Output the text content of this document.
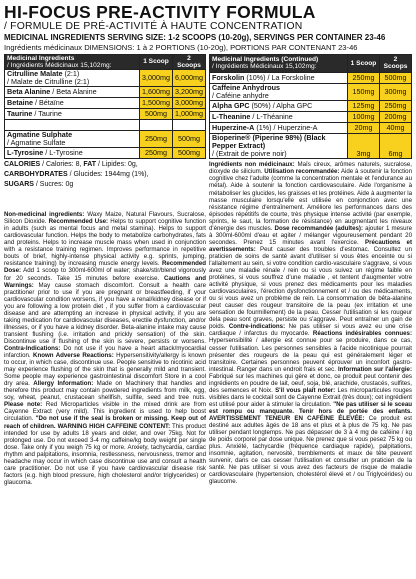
HI-FOCUS PRE-ACTIVITY FORMULA
/ FORMULE DE PRÉ-ACTIVITÉ À HAUTE CONCENTRATION
MEDICINAL INGREDIENTS SERVING SIZE: 1-2 SCOOPS (10-20g), SERVINGS PER CONTAINER 23-46
Ingrédients médicinaux DIMENSIONS: 1 à 2 PORTIONS (10-20g), PORTIONS PAR CONTENANT 23-46
Medicinal Ingredients
/ Ingrédients Médicinaux 15,102mg:	1 Scoop	2 Scoops
Citrulline Malate (2:1)
/ Malate de Citrulline (2:1)	3,000mg	6,000mg
Beta Alanine / Beta Alanine	1,600mg	3,200mg
Betaine / Bétaïne	1,500mg	3,000mg
Taurine / Taurine	500mg	1,000mg

Agmatine Sulphate
/ Agmatine Sulfate	250mg	500mg
L-Tyrosine / L-Tyrosine	250mg	500mg
Medicinal Ingredients (Continued)
/ Ingrédients Médicinaux 15,102mg:	1 Scoop	2 Scoops
Forskolin (10%) / La Forskoline	250mg	500mg
Caffeine Anhydrous
/ Caféine anhydre	150mg	300mg
Alpha GPC (50%) / Alpha GPC	125mg	250mg
L-Theanine / L-Théanine	100mg	200mg
Huperzine-A (1%) / Huperzine-A	20mg	40mg
Bioperine® (Piperine 98%) (Black Pepper Extract)
/ (Extrait de poivre noir)	3mg	6mg

CALORIES / Calories: 8, FAT / Lipides: 0g,

CARBOHYDRATES / Glucides: 1944mg (1%),

SUGARS / Sucres: 0g

Non-medicinal ingredients: Waxy Maize, Natural Flavours, Sucralose, Silicon Dioxide. Recommended Use: Helps to support cognitive function in adults (such as mental focus and metal stamina). Helps to support cardiovascular function. Helps the body to metabolize carbohydrates, fats and proteins. Helps to increase muscle mass when used in conjunction with a resistance training regimen. Improves performance in repetitive bouts of brief, highly-intense physical activity e.g. sprints, jumping, resistance training) by increasing muscle energy levels. Recommended Dose: Add 1 scoop to 300ml-600ml of water; shake/stir/blend vigorously for 20 seconds. Take 15 minutes before exercise. Cautions and Warnings: May cause stomach discomfort. Consult a health care practitioner prior to use if you are pregnant or breastfeeding, if your cardiovascular condition worsens, if you have a renal/kidney disease or if you are following a low protein diet , if you suffer from a cardiovascular disease and are attempting an increase in physical activity, if you are taking medication for cardiovascular diseases, erectile dysfunction, and/or illnesses, or if you have a kidney disorder. Beta-alanine intake may cause transient flushing (i.e. irritation and prickly sensation) of the skin. Discontinue use if flushing of the skin is severe, persists or worsens. Contra-Indications: Do not use if you have a heart attack/myocardial infarction. Known Adverse Reactions: Hypersensitivity/allergy is known to occur, in which case, discontinue use. People sensitive to nicotinic acid may experience flushing of the skin that is generally mild and transient. Some people may experience gastrointestinal discomfort Store in a cool dry area. Allergy Information: Made on Machinery that handles and therefore this product may contain powdered ingredients from milk, egg, soy, wheat, peanut, crustacean shellfish, sulfite, seed and tree nuts. Please note: Red Microparticles visible in the mixed drink are from Cayenne Extract (very mild). This ingredient is used to help boost circulation. "Do not use if the seal is broken or missing. Keep out of reach of children. WARNING HIGH CAFFEINE CONTENT: This product intended for use by adults 18 years and older, and over 75kg. Not for prolonged use. Do not exceed 3-4 mg caffeine/kg body weight per single dose. Take only if you weigh 75 kg or more. Anxiety, tachycardia, cardiac rhythm and palpitations, insomnia, restlessness, nervousness, tremor and headache may occur in which case discontinue use and consult a health care practitioner. Do not use if you have cardiovascular disease risk factors (e.g. high blood pressure, high cholesterol and/or triglycerides) or glaucoma.
Ingrédients non médicinaux: Maïs cireux, arômes naturels, sucralose, dioxyde de silicium. Utilisation recommandée: Aide à soutenir la fonction cognitive chez l'adulte (comme la concentration mentale et l'endurance au métal). Aide à soutenir la fonction cardiovasculaire. Aide l'organisme à métaboliser les glucides, les graisses et les protéines. Aide à augmenter la masse musculaire lorsqu'elle est utilisée en conjonction avec une résistance régime d'entraînement. Améliore les performances dans des épisodes répétitifs de courte, très physique intense activité (par exemple, sprints, le saut, la formation de résistance) en augmentant les niveaux d'énergie des muscles. Dose recommandée (adultes): ajouter 1 mesure à 300ml-600ml d'eau et agiter / mélanger vigoureusement pendant 20 secondes. Prenez 15 minutes avant l'exercice. Précautions et avertissements: Peut causer des troubles d'estomac. Consultez un praticien de soins de santé avant d'utiliser si vous êtes enceinte ou si l'allaitement au sein, si votre condition cardio-vasculaire s'aggrave, si vous avez une maladie rénale / rein ou si vous suivez un régime faible en protéines, si vous souffrez d'une maladie , et tentent d'augmenter votre activité physique, si vous prenez des médicaments pour les maladies cardiovasculaires, l'érection dysfonctionnement et / ou des médicaments, ou si vous avez un problème de rein. La consommation de bêta-alanine peut causer des rougeur transitoire de la peau (ex irritation et une sensation de fourmillement) de la peau. Cesser l'utilisation si les rougeur dela peau sont graves, persiste ou s'aggrave. Peut entraîner un gain de poids. Contre-indications: Ne pas utiliser si vous avez eu une crise cardiaque / infarctus du myocarde. Réactions indésirables connues: Hypersensibilité / allergie est connue pour se produire, dans ce cas, cesser l'utilisation. Les personnes sensibles à l'acide nicotinique pourrait présenter des rougeurs de la peau qui est généralement léger et transitoire. Certaines personnes peuvent éprouver un inconfort gastro-intestinal. Ranger dans un endroit frais et sec. Information sur l'allergie: Fabriqué sur les machines qui gère et donc, ce produit peut contenir des ingrédients en poudre de lait, oeuf, soja, blé, arachide, crustacés, sulfites, des semences et Noix. S'il vous plaît noter: Les microparticules rouges visibles dans le cocktail sont de Cayenne Extrait (très doux); cet ingrédient est utilisé pour aider à stimuler la circulation. "Ne pas utiliser si le sceau est rompu ou manquante. Tenir hors de portée des enfants. AVERTISSEMENT TENEUR EN CAFÉINE ÉLEVÉE: Ce produit est destiné aux adultes âgés de 18 ans et plus et à plus de 75 kg. Ne pas utiliser pendant longtemps. Ne pas dépasser de 3 à 4 mg de caféine / kg de poids corporel par dose unique. Ne prenez que si vous pesez 75 kg ou plus. Anxiété, tachycardie (fréquence cardiaque rapide), palpitations, insomnie, agitation, nervosité, tremblements et maux de tête peuvent survenir, dans ce cas cesser l'utilisation et consulter un praticien de la santé. Ne pas utiliser si vous avez des facteurs de risque de maladie cardiovasculaire (hypertension, cholestérol élevé et / ou Triglycérides) ou glaucome.
